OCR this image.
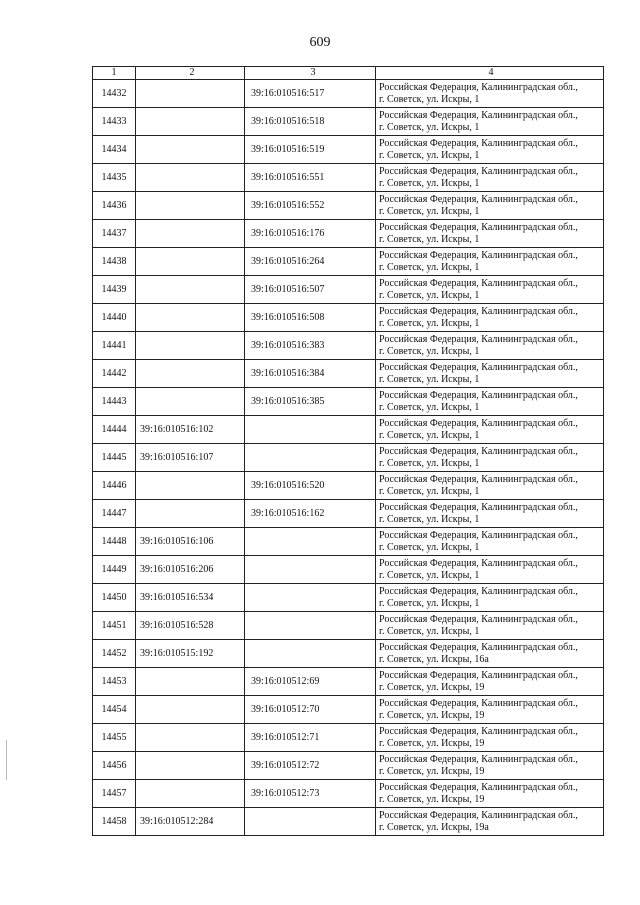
609
1	2	3	4
14432		39:16:010516:517	Российская Федерация, Калининградская обл.,
г. Советск, ул. Искры, 1

14433		39:16:010516:518	Российская Федерация, Калининградская обл.,
г. Советск, ул. Искры, 1

14434		39:16:010516:519	Российская Федерация, Калининградская обл.,
г. Советск, ул. Искры, 1

14435		39:16:010516:551	Российская Федерация, Калининградская обл.,
г. Советск, ул. Искры, 1

14436		39:16:010516:552	Российская Федерация, Калининградская обл.,
г. Советск, ул. Искры, 1

14437		39:16:010516:176	Российская Федерация, Калининградская обл.,
г. Советск, ул. Искры, 1

14438		39:16:010516:264	Российская Федерация, Калининградская обл.,
г. Советск, ул. Искры, 1

14439		39:16:010516:507	Российская Федерация, Калининградская обл.,
г. Советск, ул. Искры, 1

14440		39:16:010516:508	Российская Федерация, Калининградская обл.,
г. Советск, ул. Искры, 1

14441		39:16:010516:383	Российская Федерация, Калининградская обл.,
г. Советск, ул. Искры, 1

14442		39:16:010516:384	Российская Федерация, Калининградская обл.,
г. Советск, ул. Искры, 1

14443		39:16:010516:385	Российская Федерация, Калининградская обл.,
г. Советск, ул. Искры, 1

14444	39:16:010516:102		Российская Федерация, Калининградская обл.,
г. Советск, ул. Искры, 1

14445	39:16:010516:107		Российская Федерация, Калининградская обл.,
г. Советск, ул. Искры, 1

14446		39:16:010516:520	Российская Федерация, Калининградская обл.,
г. Советск, ул. Искры, 1

14447		39:16:010516:162	Российская Федерация, Калининградская обл.,
г. Советск, ул. Искры, 1

14448	39:16:010516:106		Российская Федерация, Калининградская обл.,
г. Советск, ул. Искры, 1

14449	39:16:010516:206		Российская Федерация, Калининградская обл.,
г. Советск, ул. Искры, 1

14450	39:16:010516:534		Российская Федерация, Калининградская обл.,
г. Советск, ул. Искры, 1

14451	39:16:010516:528		Российская Федерация, Калининградская обл.,
г. Советск, ул. Искры, 1

14452	39:16:010515:192		Российская Федерация, Калининградская обл.,
г. Советск, ул. Искры, 16а

14453		39:16:010512:69	Российская Федерация, Калининградская обл.,
г. Советск, ул. Искры, 19

14454		39:16:010512:70	Российская Федерация, Калининградская обл.,
г. Советск, ул. Искры, 19

14455		39:16:010512:71	Российская Федерация, Калининградская обл.,
г. Советск, ул. Искры, 19

14456		39:16:010512:72	Российская Федерация, Калининградская обл.,
г. Советск, ул. Искры, 19

14457		39:16:010512:73	Российская Федерация, Калининградская обл.,
г. Советск, ул. Искры, 19

14458	39:16:010512:284		Российская Федерация, Калининградская обл.,
г. Советск, ул. Искры, 19а
